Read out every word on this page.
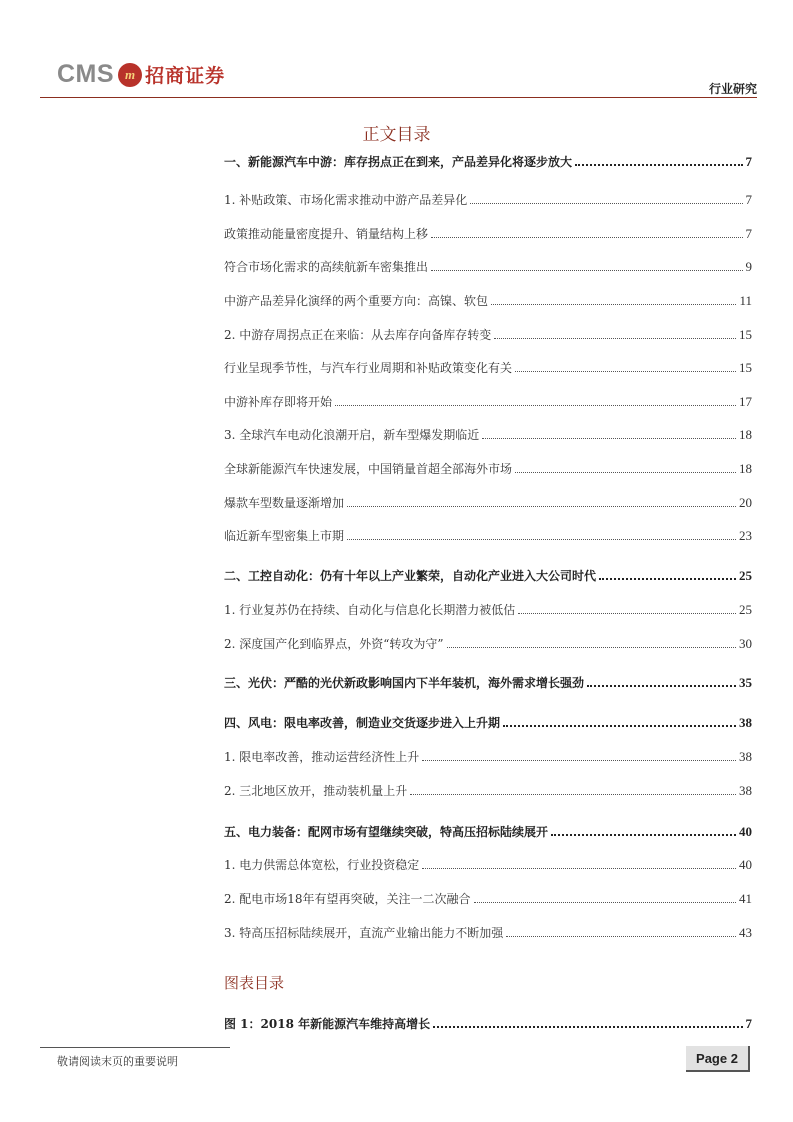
CMS m 招商证券
行业研究
正文目录
一、新能源汽车中游：库存拐点正在到来，产品差异化将逐步放大	7
1. 补贴政策、市场化需求推动中游产品差异化	7
政策推动能量密度提升、销量结构上移	7
符合市场化需求的高续航新车密集推出	9
中游产品差异化演绎的两个重要方向：高镍、软包	11
2. 中游存周拐点正在来临：从去库存向备库存转变	15
行业呈现季节性，与汽车行业周期和补贴政策变化有关	15
中游补库存即将开始	17
3. 全球汽车电动化浪潮开启，新车型爆发期临近	18
全球新能源汽车快速发展，中国销量首超全部海外市场	18
爆款车型数量逐渐增加	20
临近新车型密集上市期	23
二、工控自动化：仍有十年以上产业繁荣，自动化产业进入大公司时代	25
1. 行业复苏仍在持续、自动化与信息化长期潜力被低估	25
2. 深度国产化到临界点，外资“转攻为守”	30
三、光伏：严酷的光伏新政影响国内下半年装机，海外需求增长强劲	35
四、风电：限电率改善，制造业交货逐步进入上升期	38
1. 限电率改善，推动运营经济性上升	38
2. 三北地区放开，推动装机量上升	38
五、电力装备：配网市场有望继续突破，特高压招标陆续展开	40
1. 电力供需总体宽松，行业投资稳定	40
2. 配电市场18年有望再突破，关注一二次融合	41
3. 特高压招标陆续展开，直流产业输出能力不断加强	43
图表目录
图 1：2018 年新能源汽车维持高增长	7
敬请阅读末页的重要说明	Page 2
